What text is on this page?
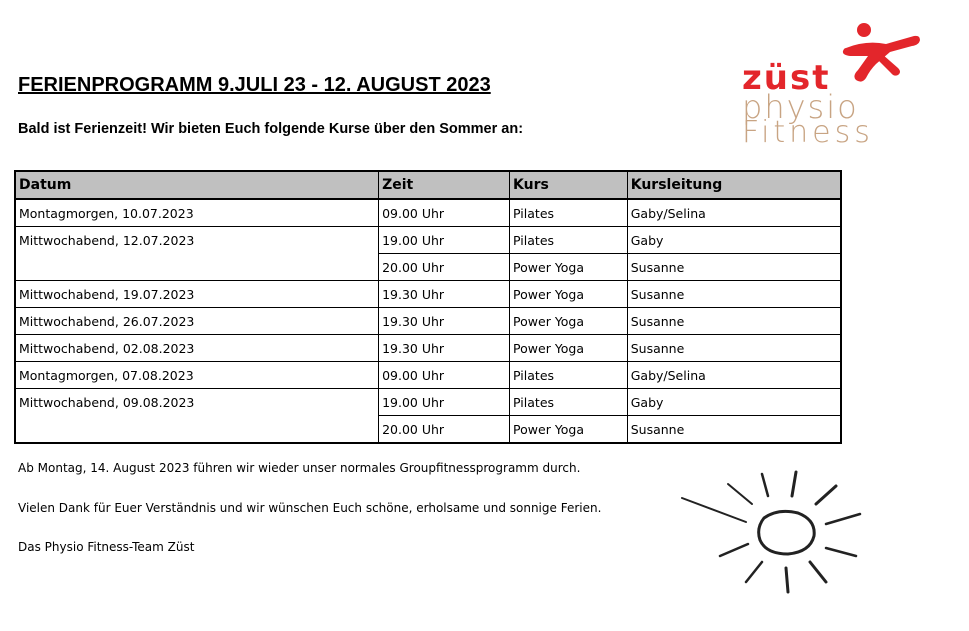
FERIENPROGRAMM 9.JULI 23 - 12. AUGUST 2023
Bald ist Ferienzeit! Wir bieten Euch folgende Kurse über den Sommer an:
züst
physio
Fitness
Datum	Zeit	Kurs	Kursleitung
Montagmorgen, 10.07.2023	09.00 Uhr	Pilates	Gaby/Selina
Mittwochabend, 12.07.2023	19.00 Uhr	Pilates	Gaby
	20.00 Uhr	Power Yoga	Susanne
Mittwochabend, 19.07.2023	19.30 Uhr	Power Yoga	Susanne
Mittwochabend, 26.07.2023	19.30 Uhr	Power Yoga	Susanne
Mittwochabend, 02.08.2023	19.30 Uhr	Power Yoga	Susanne
Montagmorgen, 07.08.2023	09.00 Uhr	Pilates	Gaby/Selina
Mittwochabend, 09.08.2023	19.00 Uhr	Pilates	Gaby
	20.00 Uhr	Power Yoga	Susanne
Ab Montag, 14. August 2023 führen wir wieder unser normales Groupfitnessprogramm durch.
Vielen Dank für Euer Verständnis und wir wünschen Euch schöne, erholsame und sonnige Ferien.
Das Physio Fitness-Team Züst
